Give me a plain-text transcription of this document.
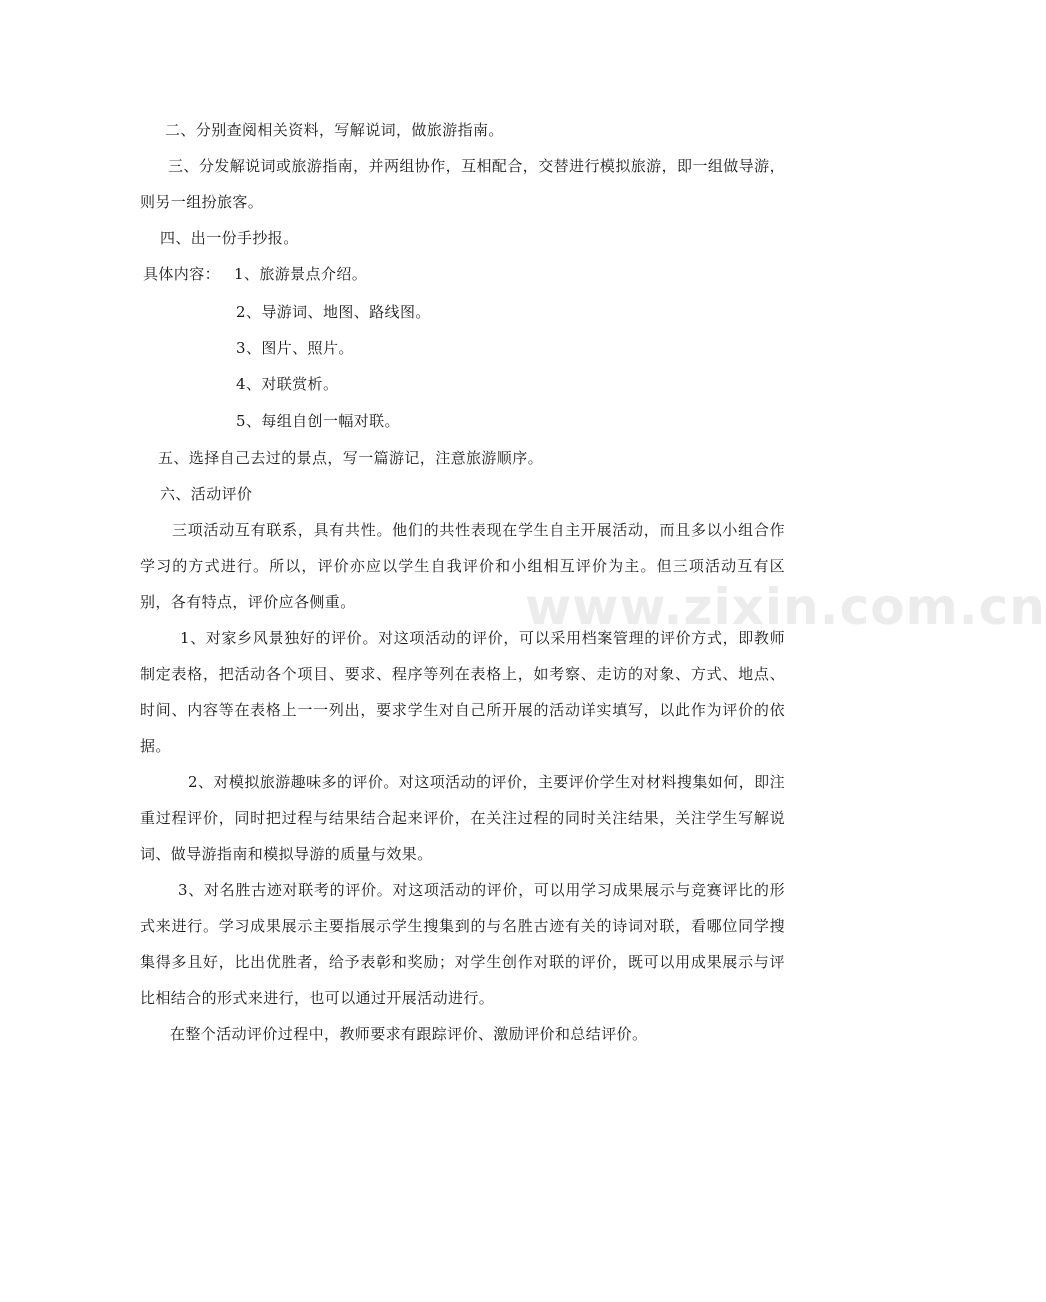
二、分别查阅相关资料，写解说词，做旅游指南。
三、分发解说词或旅游指南，并两组协作，互相配合，交替进行模拟旅游，即一组做导游，则另一组扮旅客。
四、出一份手抄报。
具体内容： 1、旅游景点介绍。
2、导游词、地图、路线图。
3、图片、照片。
4、对联赏析。
5、每组自创一幅对联。
五、选择自己去过的景点，写一篇游记，注意旅游顺序。
六、活动评价
三项活动互有联系，具有共性。他们的共性表现在学生自主开展活动，而且多以小组合作学习的方式进行。所以，评价亦应以学生自我评价和小组相互评价为主。但三项活动互有区别，各有特点，评价应各侧重。
1、对家乡风景独好的评价。对这项活动的评价，可以采用档案管理的评价方式，即教师制定表格，把活动各个项目、要求、程序等列在表格上，如考察、走访的对象、方式、地点、时间、内容等在表格上一一列出，要求学生对自己所开展的活动详实填写，以此作为评价的依据。
2、对模拟旅游趣味多的评价。对这项活动的评价，主要评价学生对材料搜集如何，即注重过程评价，同时把过程与结果结合起来评价，在关注过程的同时关注结果，关注学生写解说词、做导游指南和模拟导游的质量与效果。
3、对名胜古迹对联考的评价。对这项活动的评价，可以用学习成果展示与竞赛评比的形式来进行。学习成果展示主要指展示学生搜集到的与名胜古迹有关的诗词对联，看哪位同学搜集得多且好，比出优胜者，给予表彰和奖励；对学生创作对联的评价，既可以用成果展示与评比相结合的形式来进行，也可以通过开展活动进行。
在整个活动评价过程中，教师要求有跟踪评价、激励评价和总结评价。
www.zixin.com.cn
